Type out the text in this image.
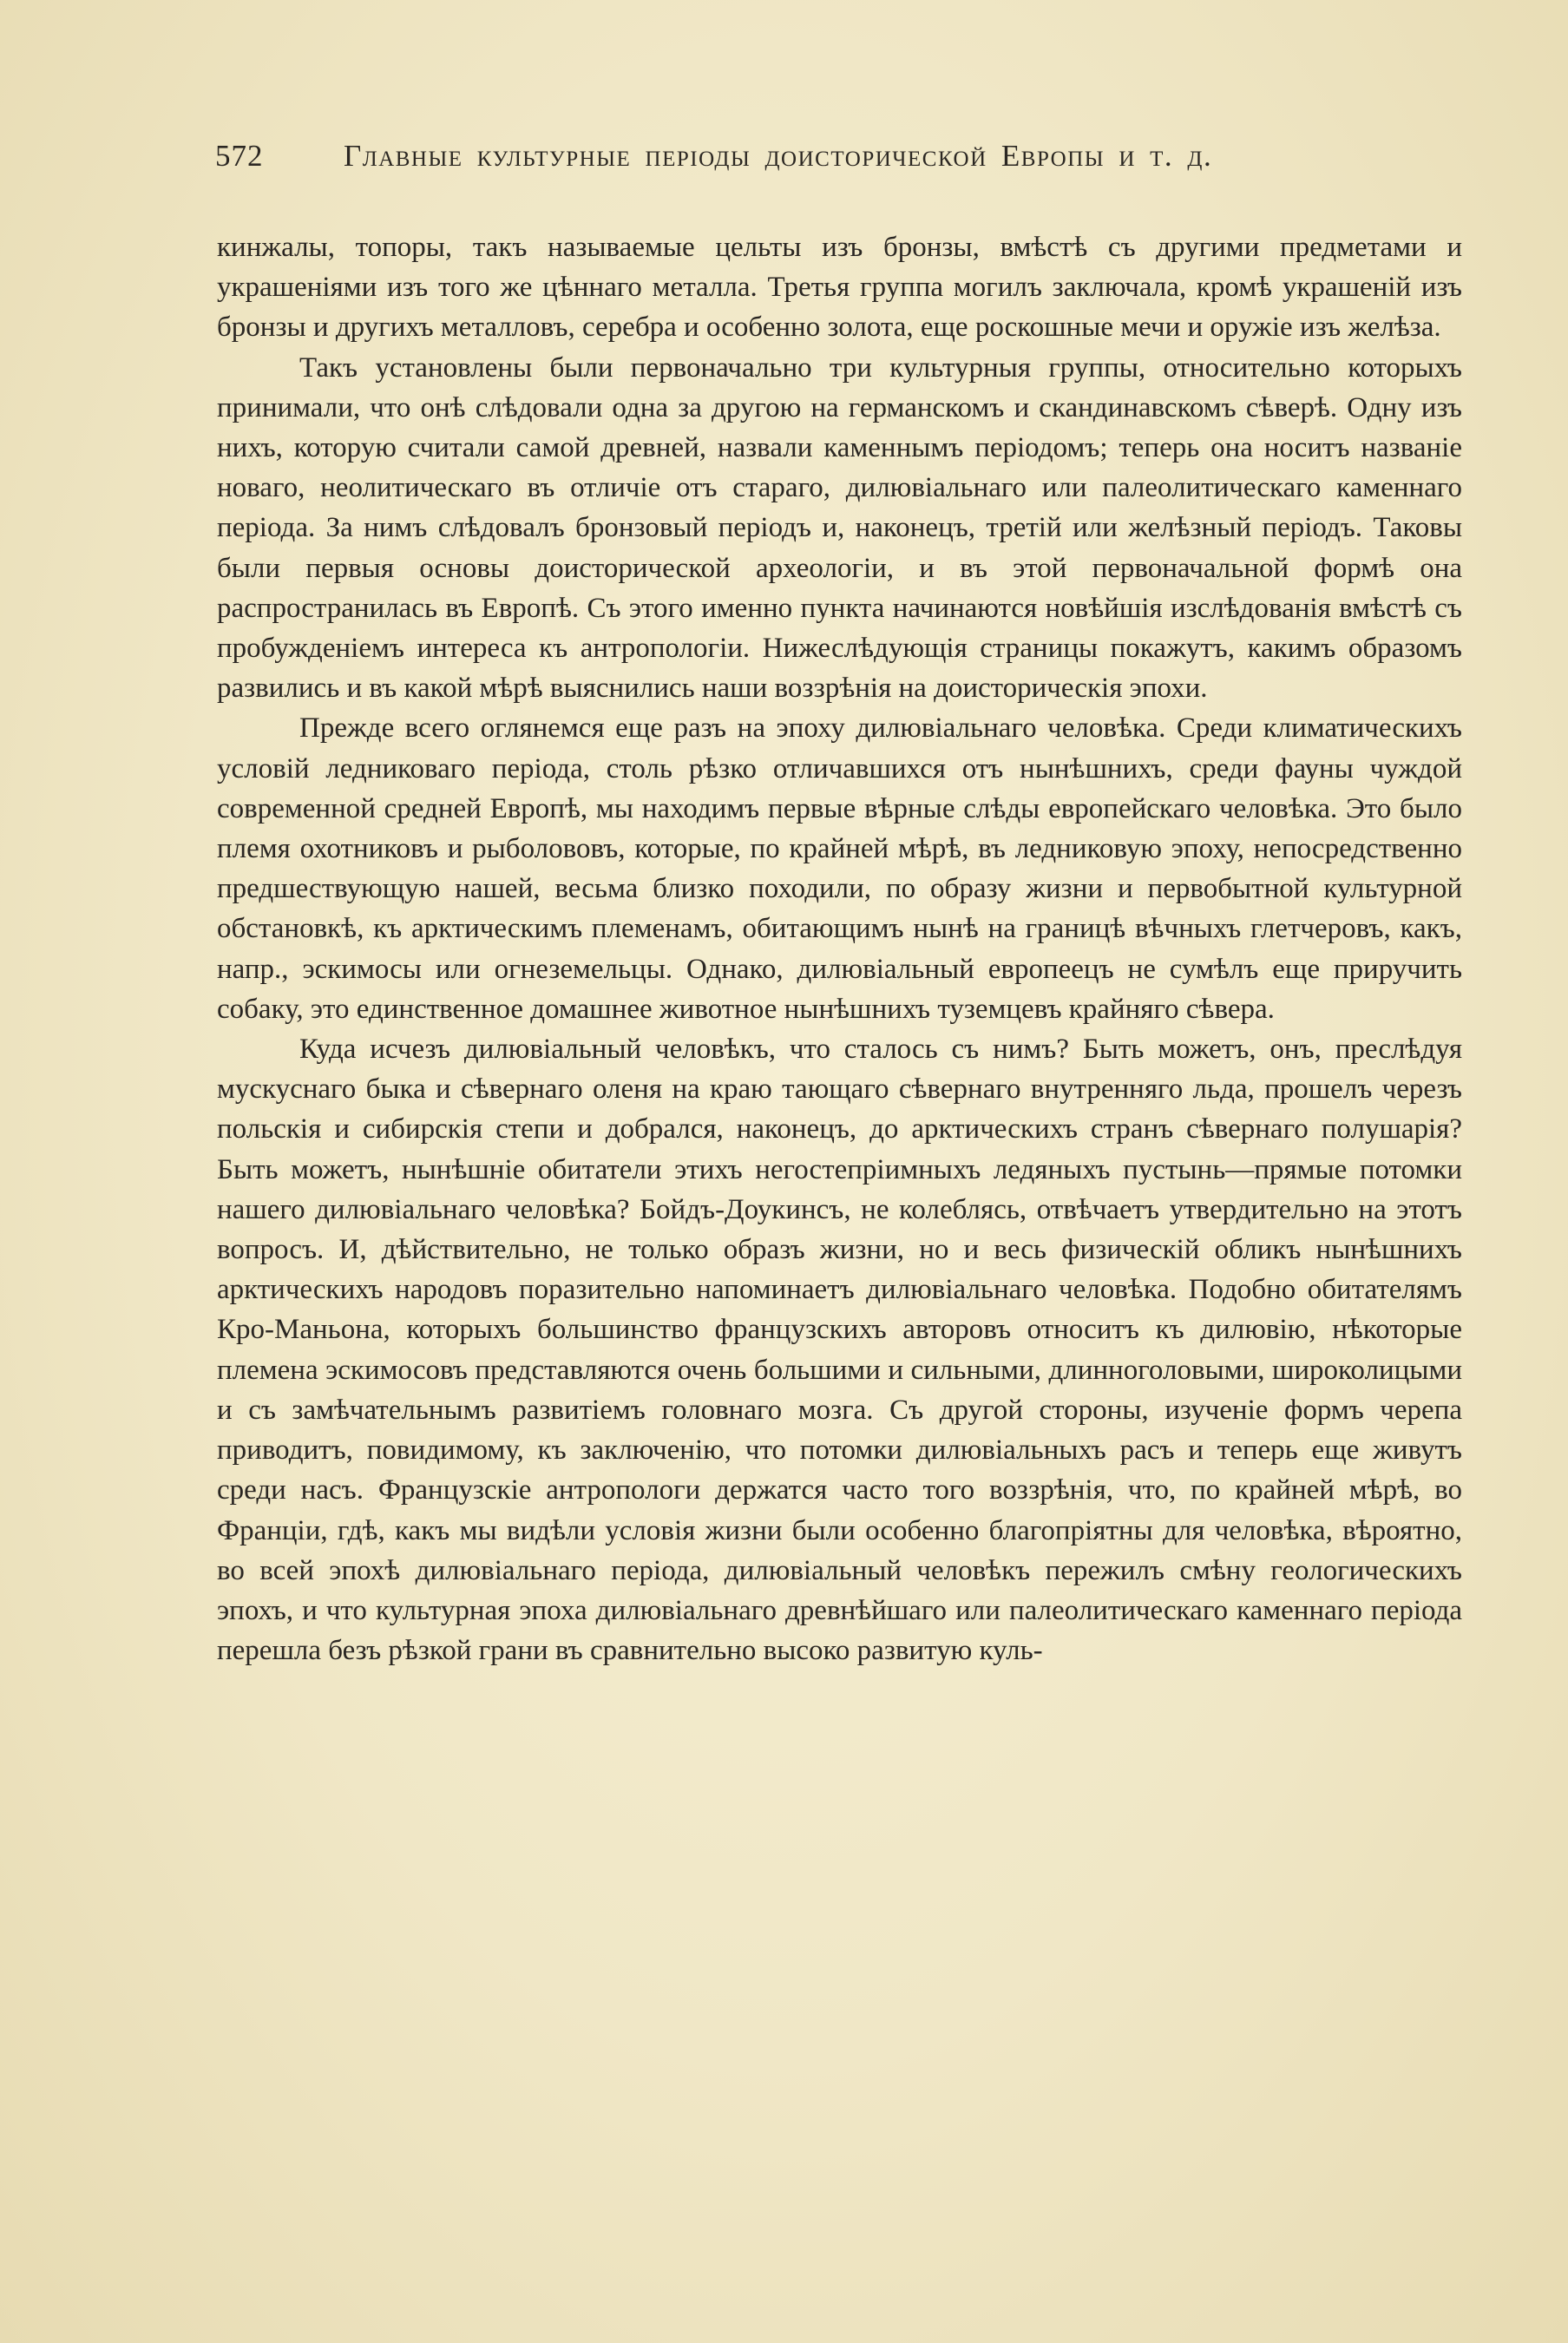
572	Главные культурные періоды доисторической Европы и т. д.

кинжалы, топоры, такъ называемые цельты изъ бронзы, вмѣстѣ съ другими предметами и украшеніями изъ того же цѣннаго металла. Третья группа могилъ заключала, кромѣ украшеній изъ бронзы и другихъ металловъ, серебра и особенно золота, еще роскошные мечи и оружіе изъ желѣза.

Такъ установлены были первоначально три культурныя группы, относительно которыхъ принимали, что онѣ слѣдовали одна за другою на германскомъ и скандинавскомъ сѣверѣ. Одну изъ нихъ, которую считали самой древней, назвали каменнымъ періодомъ; теперь она носитъ названіе новаго, неолитическаго въ отличіе отъ стараго, дилювіальнаго или палеолитическаго каменнаго періода. За нимъ слѣдовалъ бронзовый періодъ и, наконецъ, третій или желѣзный періодъ. Таковы были первыя основы доисторической археологіи, и въ этой первоначальной формѣ она распространилась въ Европѣ. Съ этого именно пункта начинаются новѣйшія изслѣдованія вмѣстѣ съ пробужденіемъ интереса къ антропологіи. Нижеслѣдующія страницы покажутъ, какимъ образомъ развились и въ какой мѣрѣ выяснились наши воззрѣнія на доисторическія эпохи.

Прежде всего оглянемся еще разъ на эпоху дилювіальнаго человѣка. Среди климатическихъ условій ледниковаго періода, столь рѣзко отличавшихся отъ нынѣшнихъ, среди фауны чуждой современной средней Европѣ, мы находимъ первые вѣрные слѣды европейскаго человѣка. Это было племя охотниковъ и рыболововъ, которые, по крайней мѣрѣ, въ ледниковую эпоху, непосредственно предшествующую нашей, весьма близко походили, по образу жизни и первобытной культурной обстановкѣ, къ арктическимъ племенамъ, обитающимъ нынѣ на границѣ вѣчныхъ глетчеровъ, какъ, напр., эскимосы или огнеземельцы. Однако, дилювіальный европеецъ не сумѣлъ еще приручить собаку, это единственное домашнее животное нынѣшнихъ туземцевъ крайняго сѣвера.

Куда исчезъ дилювіальный человѣкъ, что сталось съ нимъ? Быть можетъ, онъ, преслѣдуя мускуснаго быка и сѣвернаго оленя на краю тающаго сѣвернаго внутренняго льда, прошелъ черезъ польскія и сибирскія степи и добрался, наконецъ, до арктическихъ странъ сѣвернаго полушарія? Быть можетъ, нынѣшніе обитатели этихъ негостепріимныхъ ледяныхъ пустынь—прямые потомки нашего дилювіальнаго человѣка? Бойдъ-Доукинсъ, не колеблясь, отвѣчаетъ утвердительно на этотъ вопросъ. И, дѣйствительно, не только образъ жизни, но и весь физическій обликъ нынѣшнихъ арктическихъ народовъ поразительно напоминаетъ дилювіальнаго человѣка. Подобно обитателямъ Кро-Маньона, которыхъ большинство французскихъ авторовъ относитъ къ дилювію, нѣкоторые племена эскимосовъ представляются очень большими и сильными, длинноголовыми, широколицыми и съ замѣчательнымъ развитіемъ головнаго мозга. Съ другой стороны, изученіе формъ черепа приводитъ, повидимому, къ заключенію, что потомки дилювіальныхъ расъ и теперь еще живутъ среди насъ. Французскіе антропологи держатся часто того воззрѣнія, что, по крайней мѣрѣ, во Франціи, гдѣ, какъ мы видѣли условія жизни были особенно благопріятны для человѣка, вѣроятно, во всей эпохѣ дилювіальнаго періода, дилювіальный человѣкъ пережилъ смѣну геологическихъ эпохъ, и что культурная эпоха дилювіальнаго древнѣйшаго или палеолитическаго каменнаго періода перешла безъ рѣзкой грани въ сравнительно высоко развитую куль-
